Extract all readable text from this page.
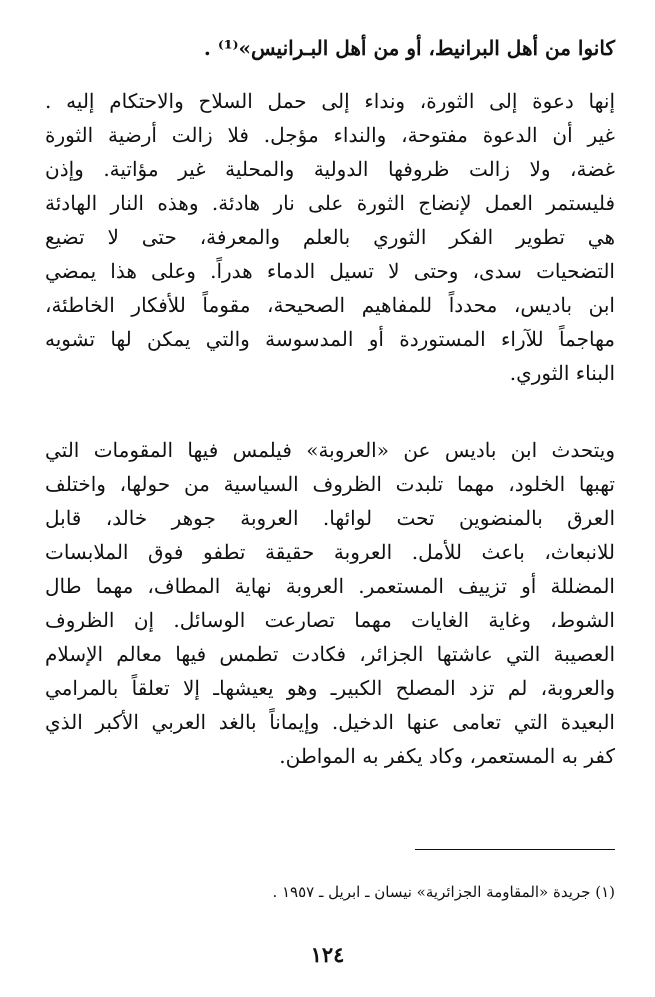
كانوا من أهل البرانيط، أو من أهل البـرانيس»⁽¹⁾ .
إنها دعوة إلى الثورة، ونداء إلى حمل السلاح والاحتكام إليه .
غير أن الدعوة مفتوحة، والنداء مؤجل. فلا زالت أرضية الثورة
غضة، ولا زالت ظروفها الدولية والمحلية غير مؤاتية. وإذن
فليستمر العمل لإنضاج الثورة على نار هادئة. وهذه النار الهادئة
هي تطوير الفكر الثوري بالعلم والمعرفة، حتى لا تضيع
التضحيات سدى، وحتى لا تسيل الدماء هدراً. وعلى هذا يمضي
ابن باديس، محدداً للمفاهيم الصحيحة، مقوماً للأفكار الخاطئة،
مهاجماً للآراء المستوردة أو المدسوسة والتي يمكن لها تشويه
البناء الثوري.
ويتحدث ابن باديس عن «العروبة» فيلمس فيها المقومات التي
تهبها الخلود، مهما تلبدت الظروف السياسية من حولها، واختلف
العرق بالمنضوين تحت لوائها. العروبة جوهر خالد، قابل
للانبعاث، باعث للأمل. العروبة حقيقة تطفو فوق الملابسات
المضللة أو تزييف المستعمر. العروبة نهاية المطاف، مهما طال
الشوط، وغاية الغايات مهما تصارعت الوسائل. إن الظروف
العصيبة التي عاشتها الجزائر، فكادت تطمس فيها معالم الإسلام
والعروبة، لم تزد المصلح الكبيرـ وهو يعيشهاـ إلا تعلقاً بالمرامي
البعيدة التي تعامى عنها الدخيل. وإيماناً بالغد العربي الأكبر الذي
كفر به المستعمر، وكاد يكفر به المواطن.
(١) جريدة «المقاومة الجزائرية» نيسان ـ ابريل ـ ١٩٥٧ .
١٢٤
